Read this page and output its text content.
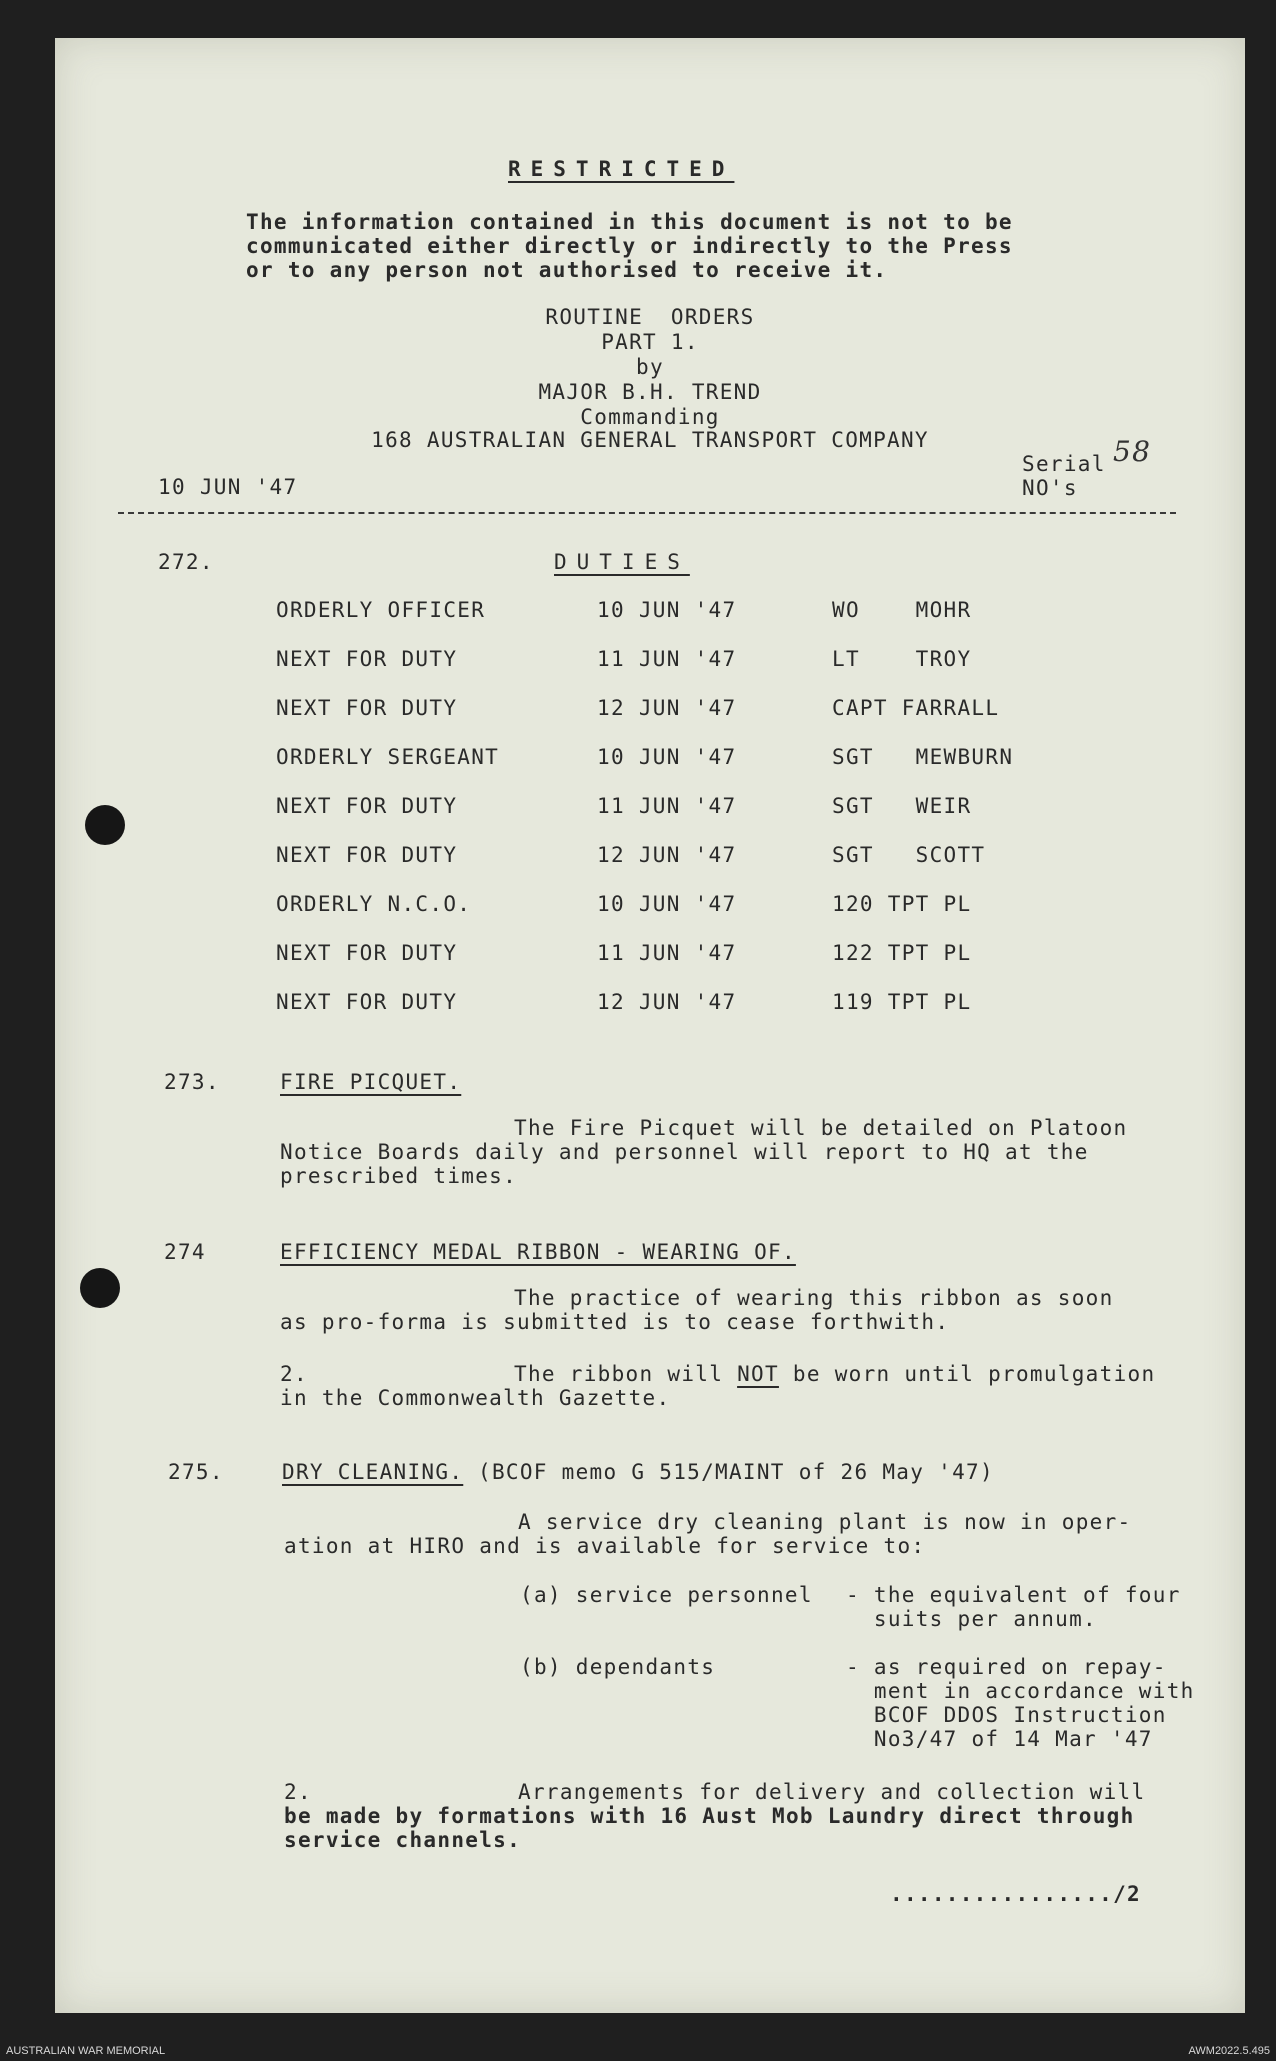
RESTRICTED
The information contained in this document is not to be
communicated either directly or indirectly to the Press
or to any person not authorised to receive it.
ROUTINE  ORDERS
PART 1.
by
MAJOR B.H. TREND
Commanding
168 AUSTRALIAN GENERAL TRANSPORT COMPANY
10 JUN '47
Serial 58
NO's
272.	DUTIES
ORDERLY OFFICER	10 JUN '47	WO    MOHR
NEXT FOR DUTY	11 JUN '47	LT    TROY
NEXT FOR DUTY	12 JUN '47	CAPT FARRALL
ORDERLY SERGEANT	10 JUN '47	SGT   MEWBURN
NEXT FOR DUTY	11 JUN '47	SGT   WEIR
NEXT FOR DUTY	12 JUN '47	SGT   SCOTT
ORDERLY N.C.O.	10 JUN '47	120 TPT PL
NEXT FOR DUTY	11 JUN '47	122 TPT PL
NEXT FOR DUTY	12 JUN '47	119 TPT PL
273.	FIRE PICQUET.
The Fire Picquet will be detailed on Platoon
Notice Boards daily and personnel will report to HQ at the
prescribed times.
274	EFFICIENCY MEDAL RIBBON - WEARING OF.
The practice of wearing this ribbon as soon
as pro-forma is submitted is to cease forthwith.
2.	The ribbon will NOT be worn until promulgation
in the Commonwealth Gazette.
275.	DRY CLEANING. (BCOF memo G 515/MAINT of 26 May '47)
A service dry cleaning plant is now in oper-
ation at HIRO and is available for service to:
(a) service personnel - the equivalent of four
suits per annum.
(b) dependants	- as required on repay-
ment in accordance with
BCOF DDOS Instruction
No3/47 of 14 Mar '47
2.	Arrangements for delivery and collection will
be made by formations with 16 Aust Mob Laundry direct through
service channels.
................/2
AUSTRALIAN WAR MEMORIAL	AWM2022.5.495
